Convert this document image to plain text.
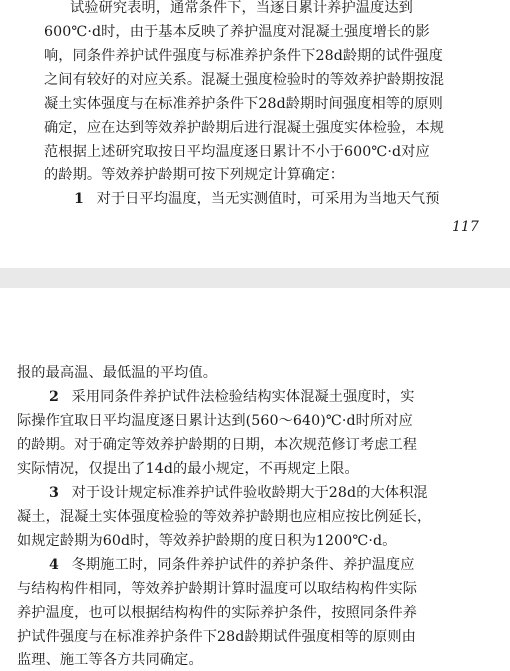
试验研究表明，通常条件下，当逐日累计养护温度达到
600℃·d时，由于基本反映了养护温度对混凝土强度增长的影
响，同条件养护试件强度与标准养护条件下28d龄期的试件强度
之间有较好的对应关系。混凝土强度检验时的等效养护龄期按混
凝土实体强度与在标准养护条件下28d龄期时间强度相等的原则
确定，应在达到等效养护龄期后进行混凝土强度实体检验，本规
范根据上述研究取按日平均温度逐日累计不小于600℃·d对应
的龄期。等效养护龄期可按下列规定计算确定：
1 对于日平均温度，当无实测值时，可采用为当地天气预
117
报的最高温、最低温的平均值。
2 采用同条件养护试件法检验结构实体混凝土强度时，实
际操作宜取日平均温度逐日累计达到(560～640)℃·d时所对应
的龄期。对于确定等效养护龄期的日期，本次规范修订考虑工程
实际情况，仅提出了14d的最小规定，不再规定上限。
3 对于设计规定标准养护试件验收龄期大于28d的大体积混
凝土，混凝土实体强度检验的等效养护龄期也应相应按比例延长，
如规定龄期为60d时，等效养护龄期的度日积为1200℃·d。
4 冬期施工时，同条件养护试件的养护条件、养护温度应
与结构构件相同，等效养护龄期计算时温度可以取结构构件实际
养护温度，也可以根据结构构件的实际养护条件，按照同条件养
护试件强度与在标准养护条件下28d龄期试件强度相等的原则由
监理、施工等各方共同确定。
